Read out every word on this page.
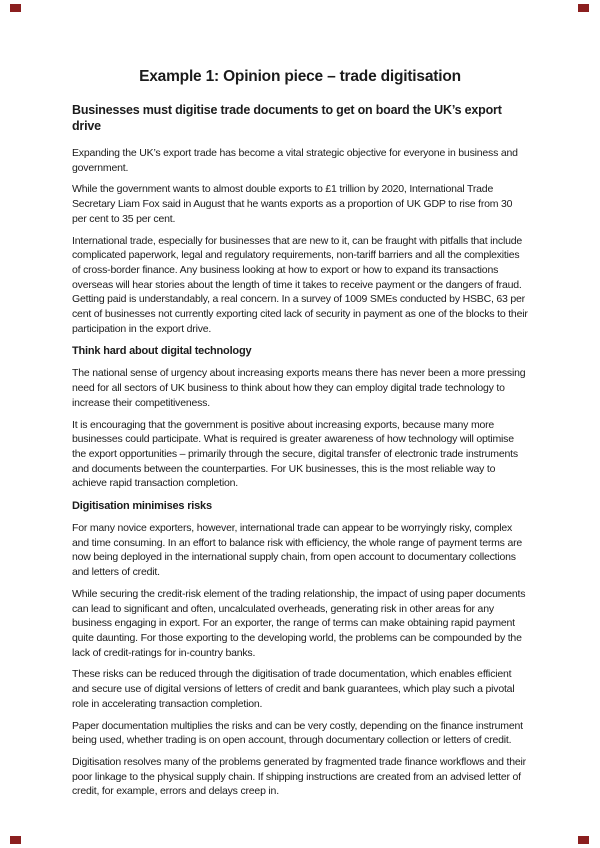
Example 1: Opinion piece – trade digitisation
Businesses must digitise trade documents to get on board the UK’s export drive

Expanding the UK’s export trade has become a vital strategic objective for everyone in business and government.

While the government wants to almost double exports to £1 trillion by 2020, International Trade Secretary Liam Fox said in August that he wants exports as a proportion of UK GDP to rise from 30 per cent to 35 per cent.

International trade, especially for businesses that are new to it, can be fraught with pitfalls that include complicated paperwork, legal and regulatory requirements, non-tariff barriers and all the complexities of cross-border finance. Any business looking at how to export or how to expand its transactions overseas will hear stories about the length of time it takes to receive payment or the dangers of fraud. Getting paid is understandably, a real concern. In a survey of 1009 SMEs conducted by HSBC, 63 per cent of businesses not currently exporting cited lack of security in payment as one of the blocks to their participation in the export drive.

Think hard about digital technology

The national sense of urgency about increasing exports means there has never been a more pressing need for all sectors of UK business to think about how they can employ digital trade technology to increase their competitiveness.

It is encouraging that the government is positive about increasing exports, because many more businesses could participate. What is required is greater awareness of how technology will optimise the export opportunities – primarily through the secure, digital transfer of electronic trade instruments and documents between the counterparties. For UK businesses, this is the most reliable way to achieve rapid transaction completion.

Digitisation minimises risks

For many novice exporters, however, international trade can appear to be worryingly risky, complex and time consuming. In an effort to balance risk with efficiency, the whole range of payment terms are now being deployed in the international supply chain, from open account to documentary collections and letters of credit.

While securing the credit-risk element of the trading relationship, the impact of using paper documents can lead to significant and often, uncalculated overheads, generating risk in other areas for any business engaging in export. For an exporter, the range of terms can make obtaining rapid payment quite daunting. For those exporting to the developing world, the problems can be compounded by the lack of credit-ratings for in-country banks.

These risks can be reduced through the digitisation of trade documentation, which enables efficient and secure use of digital versions of letters of credit and bank guarantees, which play such a pivotal role in accelerating transaction completion.

Paper documentation multiplies the risks and can be very costly, depending on the finance instrument being used, whether trading is on open account, through documentary collection or letters of credit.

Digitisation resolves many of the problems generated by fragmented trade finance workflows and their poor linkage to the physical supply chain. If shipping instructions are created from an advised letter of credit, for example, errors and delays creep in.
